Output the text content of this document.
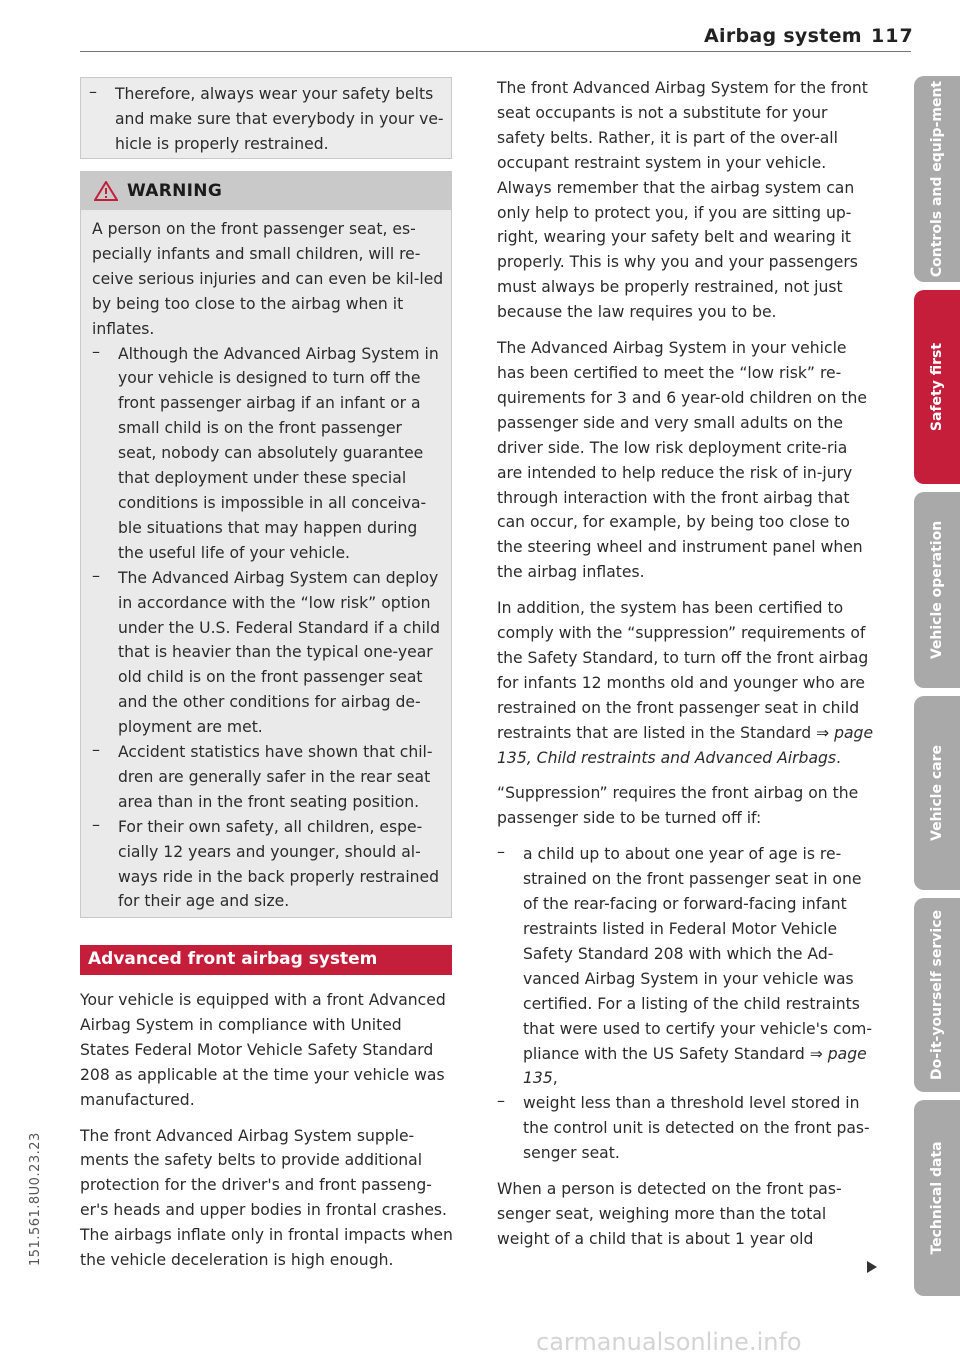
Airbag system 117
– Therefore, always wear your safety belts and make sure that everybody in your ve-hicle is properly restrained.

WARNING

A person on the front passenger seat, es-pecially infants and small children, will re-ceive serious injuries and can even be kil-led by being too close to the airbag when it inflates.

– Although the Advanced Airbag System in your vehicle is designed to turn off the front passenger airbag if an infant or a small child is on the front passenger seat, nobody can absolutely guarantee that deployment under these special conditions is impossible in all conceiva-ble situations that may happen during the useful life of your vehicle.

– The Advanced Airbag System can deploy in accordance with the “low risk” option under the U.S. Federal Standard if a child that is heavier than the typical one-year old child is on the front passenger seat and the other conditions for airbag de-ployment are met.

– Accident statistics have shown that chil-dren are generally safer in the rear seat area than in the front seating position.

– For their own safety, all children, espe-cially 12 years and younger, should al-ways ride in the back properly restrained for their age and size.

Advanced front airbag system

Your vehicle is equipped with a front Advanced Airbag System in compliance with United States Federal Motor Vehicle Safety Standard 208 as applicable at the time your vehicle was manufactured.

The front Advanced Airbag System supple-ments the safety belts to provide additional protection for the driver's and front passeng-er's heads and upper bodies in frontal crashes. The airbags inflate only in frontal impacts when the vehicle deceleration is high enough.

The front Advanced Airbag System for the front seat occupants is not a substitute for your safety belts. Rather, it is part of the over-all occupant restraint system in your vehicle. Always remember that the airbag system can only help to protect you, if you are sitting up-right, wearing your safety belt and wearing it properly. This is why you and your passengers must always be properly restrained, not just because the law requires you to be.

The Advanced Airbag System in your vehicle has been certified to meet the “low risk” re-quirements for 3 and 6 year-old children on the passenger side and very small adults on the driver side. The low risk deployment crite-ria are intended to help reduce the risk of in-jury through interaction with the front airbag that can occur, for example, by being too close to the steering wheel and instrument panel when the airbag inflates.

In addition, the system has been certified to comply with the “suppression” requirements of the Safety Standard, to turn off the front airbag for infants 12 months old and younger who are restrained on the front passenger seat in child restraints that are listed in the Standard ⇒ page 135, Child restraints and Advanced Airbags.

“Suppression” requires the front airbag on the passenger side to be turned off if:

– a child up to about one year of age is re-strained on the front passenger seat in one of the rear-facing or forward-facing infant restraints listed in Federal Motor Vehicle Safety Standard 208 with which the Ad-vanced Airbag System in your vehicle was certified. For a listing of the child restraints that were used to certify your vehicle's com-pliance with the US Safety Standard ⇒ page 135,

– weight less than a threshold level stored in the control unit is detected on the front pas-senger seat.

When a person is detected on the front pas-senger seat, weighing more than the total weight of a child that is about 1 year old

Controls and equip-ment
Safety first
Vehicle operation
Vehicle care
Do-it-yourself service
Technical data
151.561.8U0.23.23
carmanualsonline.info
